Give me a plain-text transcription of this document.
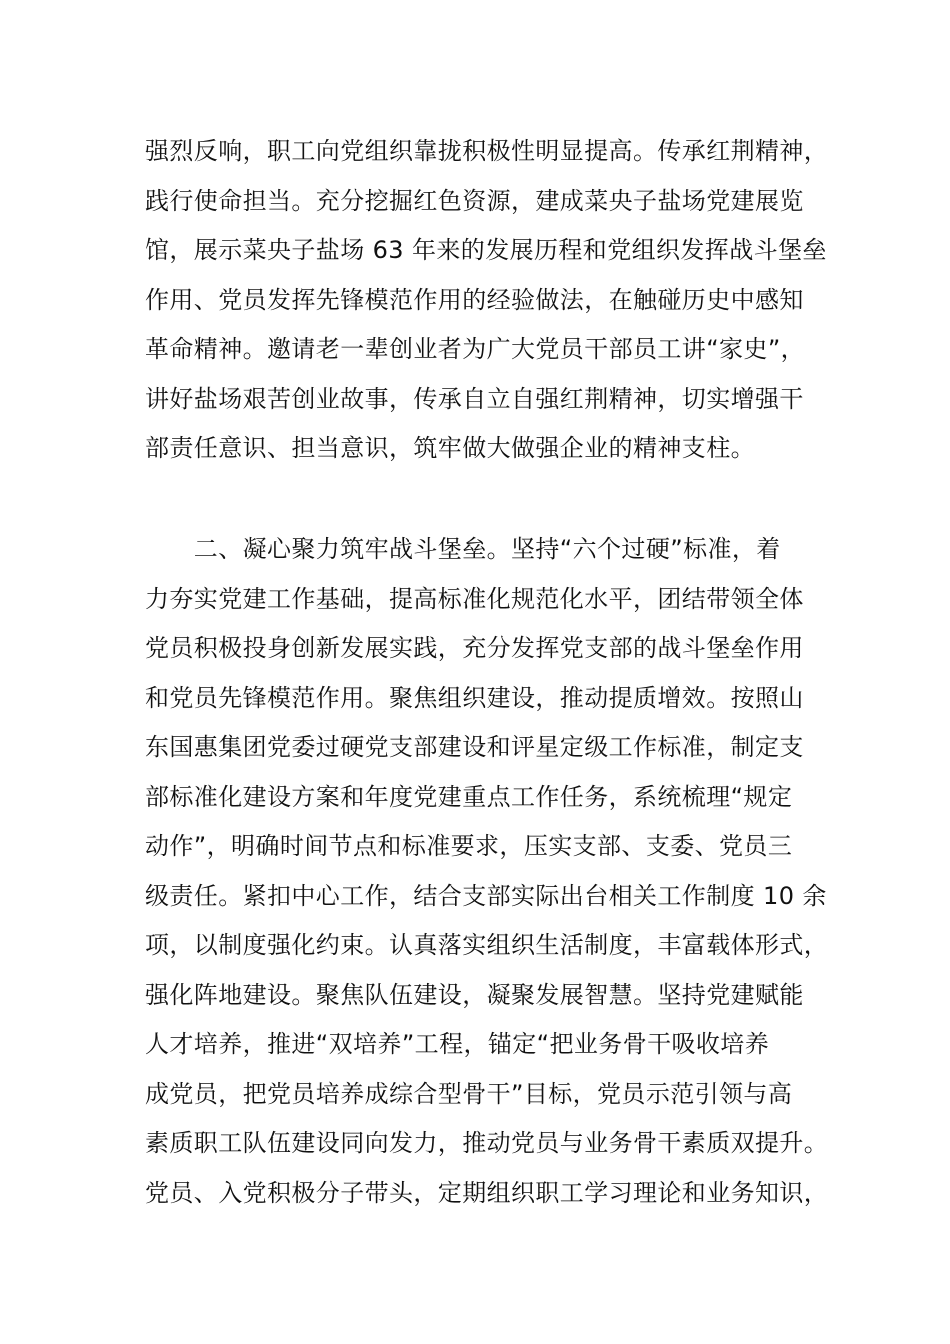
强烈反响，职工向党组织靠拢积极性明显提高。传承红荆精神，
践行使命担当。充分挖掘红色资源，建成菜央子盐场党建展览
馆，展示菜央子盐场 63 年来的发展历程和党组织发挥战斗堡垒
作用、党员发挥先锋模范作用的经验做法，在触碰历史中感知
革命精神。邀请老一辈创业者为广大党员干部员工讲“家史”，
讲好盐场艰苦创业故事，传承自立自强红荆精神，切实增强干
部责任意识、担当意识，筑牢做大做强企业的精神支柱。
　　二、凝心聚力筑牢战斗堡垒。坚持“六个过硬”标准，着
力夯实党建工作基础，提高标准化规范化水平，团结带领全体
党员积极投身创新发展实践，充分发挥党支部的战斗堡垒作用
和党员先锋模范作用。聚焦组织建设，推动提质增效。按照山
东国惠集团党委过硬党支部建设和评星定级工作标准，制定支
部标准化建设方案和年度党建重点工作任务，系统梳理“规定
动作”，明确时间节点和标准要求，压实支部、支委、党员三
级责任。紧扣中心工作，结合支部实际出台相关工作制度 10 余
项，以制度强化约束。认真落实组织生活制度，丰富载体形式，
强化阵地建设。聚焦队伍建设，凝聚发展智慧。坚持党建赋能
人才培养，推进“双培养”工程，锚定“把业务骨干吸收培养
成党员，把党员培养成综合型骨干”目标，党员示范引领与高
素质职工队伍建设同向发力，推动党员与业务骨干素质双提升。
党员、入党积极分子带头，定期组织职工学习理论和业务知识，
